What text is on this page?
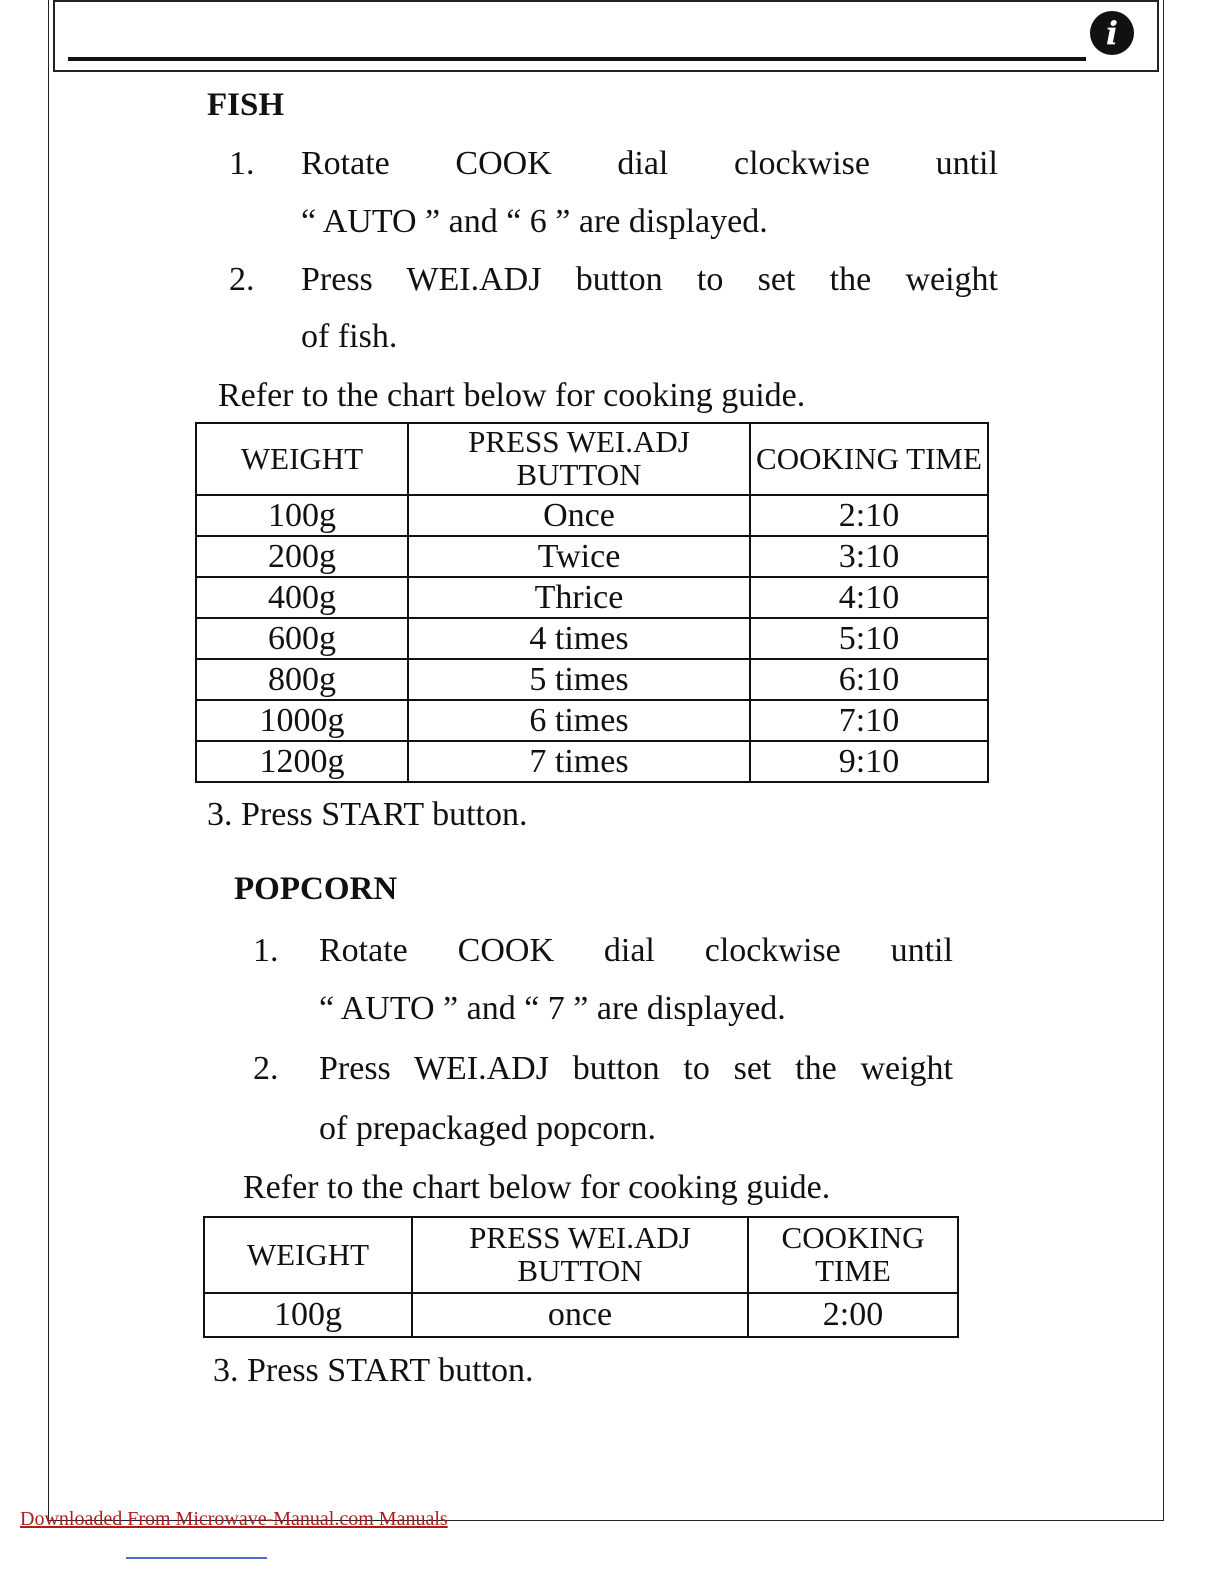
i
FISH
1. Rotate COOK dial clockwise until
“ AUTO ” and “ 6 ” are displayed.
2. Press WEI.ADJ button to set the weight
of fish.
Refer to the chart below for cooking guide.
WEIGHT	PRESS WEI.ADJ BUTTON	COOKING TIME
100g	Once	2:10
200g	Twice	3:10
400g	Thrice	4:10
600g	4 times	5:10
800g	5 times	6:10
1000g	6 times	7:10
1200g	7 times	9:10
3. Press START button.
POPCORN
1. Rotate COOK dial clockwise until
“ AUTO ” and “ 7 ” are displayed.
2. Press WEI.ADJ button to set the weight
of prepackaged popcorn.
Refer to the chart below for cooking guide.
WEIGHT	PRESS WEI.ADJ BUTTON	COOKING TIME
100g	once	2:00
3. Press START button.
Downloaded From Microwave-Manual.com Manuals
